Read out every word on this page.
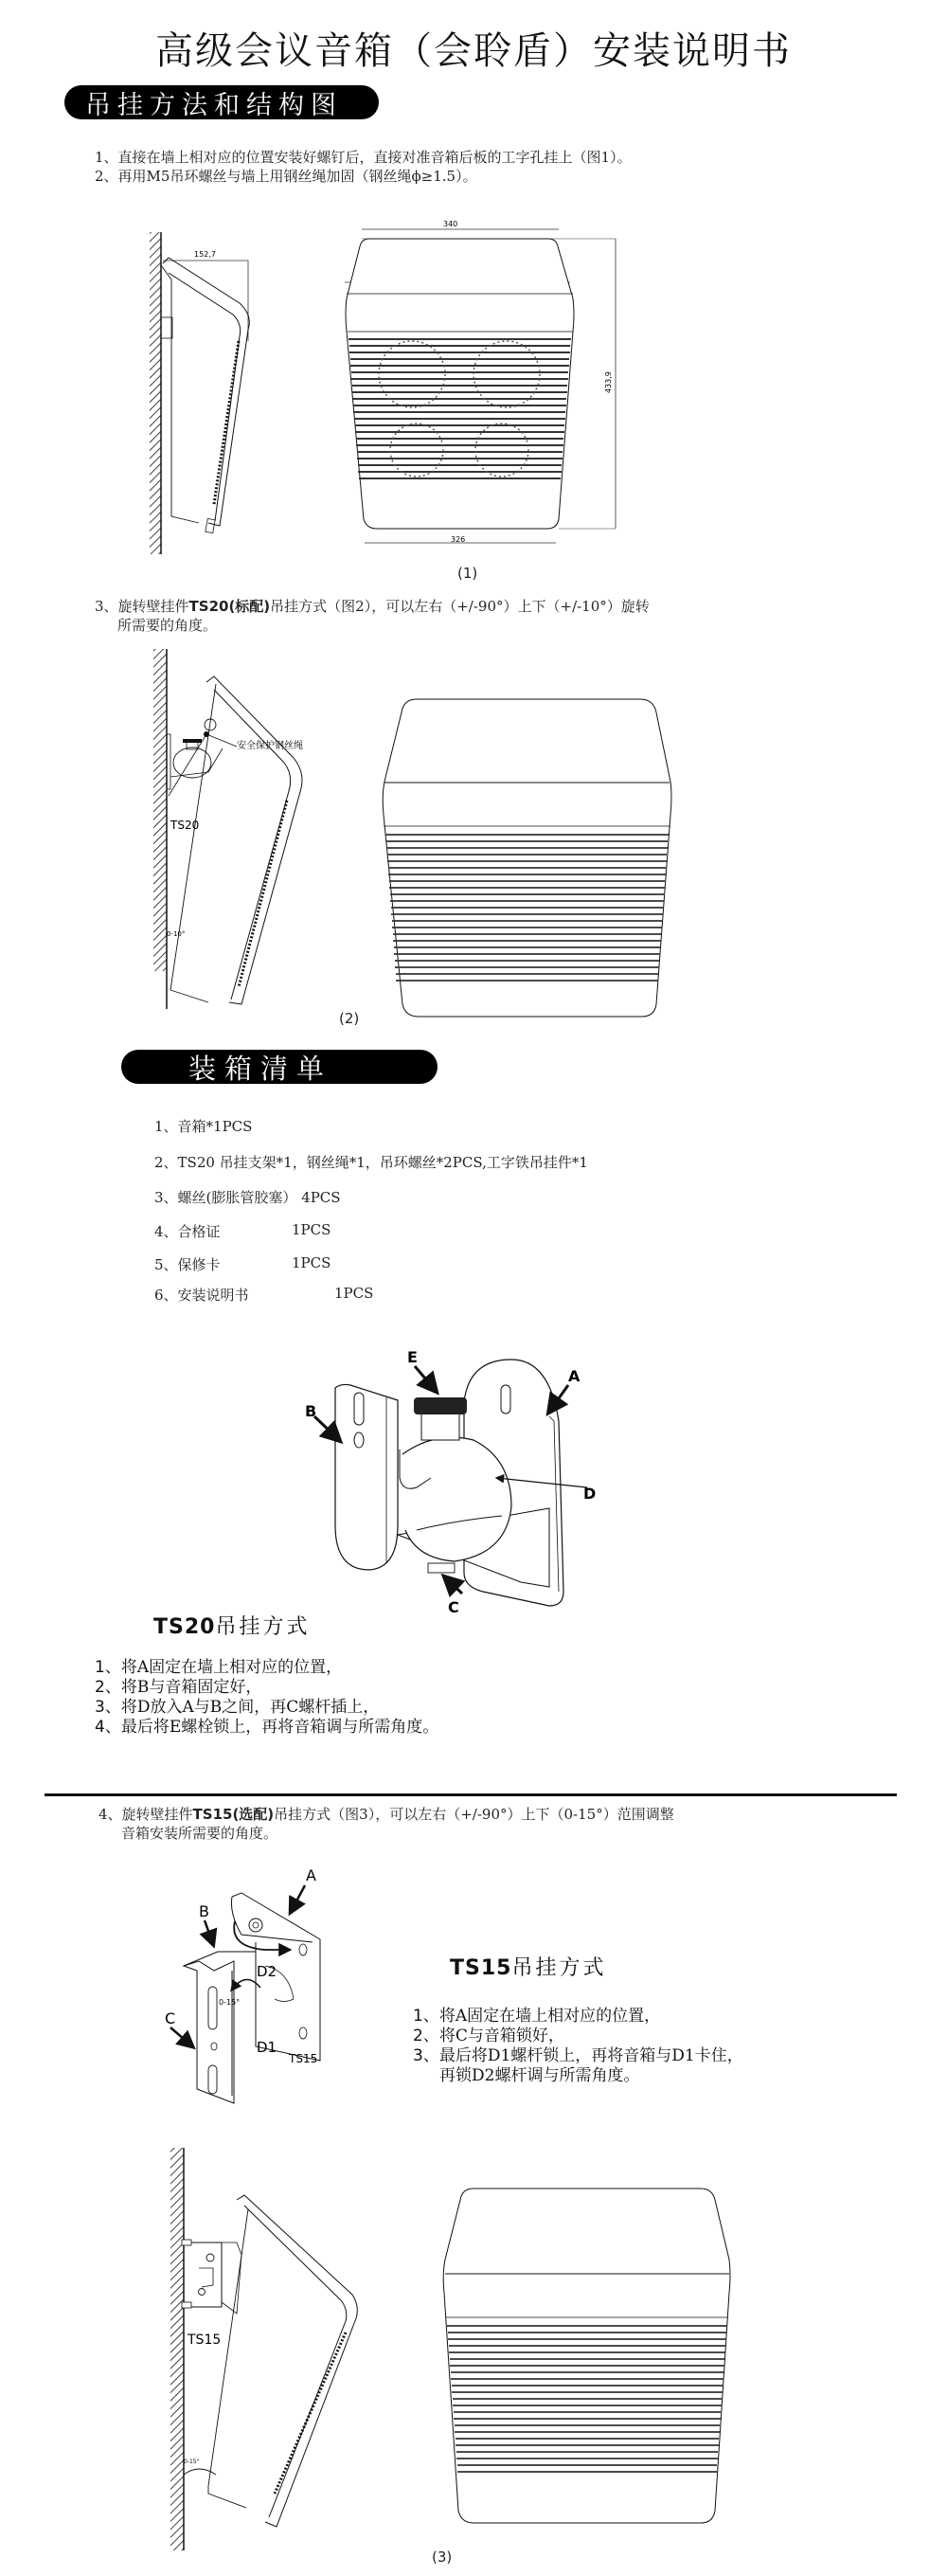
高级会议音箱（会聆盾）安装说明书
吊挂方法和结构图
1、直接在墙上相对应的位置安装好螺钉后，直接对准音箱后板的工字孔挂上（图1）。
2、再用M5吊环螺丝与墙上用钢丝绳加固（钢丝绳ϕ≥1.5）。
152,7
340
433,9
326
(1)
3、旋转壁挂件TS20(标配)吊挂方式（图2），可以左右（+/-90°）上下（+/-10°）旋转
所需要的角度。
安全保护钢丝绳
TS20
0-10°
(2)
装箱清单
1、音箱*1PCS
2、TS20 吊挂支架*1，钢丝绳*1，吊环螺丝*2PCS,工字铁吊挂件*1
3、螺丝(膨胀管胶塞） 4PCS
4、合格证	1PCS
5、保修卡	1PCS
6、安装说明书	1PCS
E
A
B
D
C
TS20吊挂方式
1、将A固定在墙上相对应的位置，
2、将B与音箱固定好，
3、将D放入A与B之间，再C螺杆插上，
4、最后将E螺栓锁上，再将音箱调与所需角度。
4、旋转壁挂件TS15(选配)吊挂方式（图3），可以左右（+/-90°）上下（0-15°）范围调整
音箱安装所需要的角度。
A
B
C
D2
D1
0-15°
TS15
TS15吊挂方式
1、将A固定在墙上相对应的位置，
2、将C与音箱锁好，
3、最后将D1螺杆锁上，再将音箱与D1卡住，
再锁D2螺杆调与所需角度。
TS15
0-15°
(3)
